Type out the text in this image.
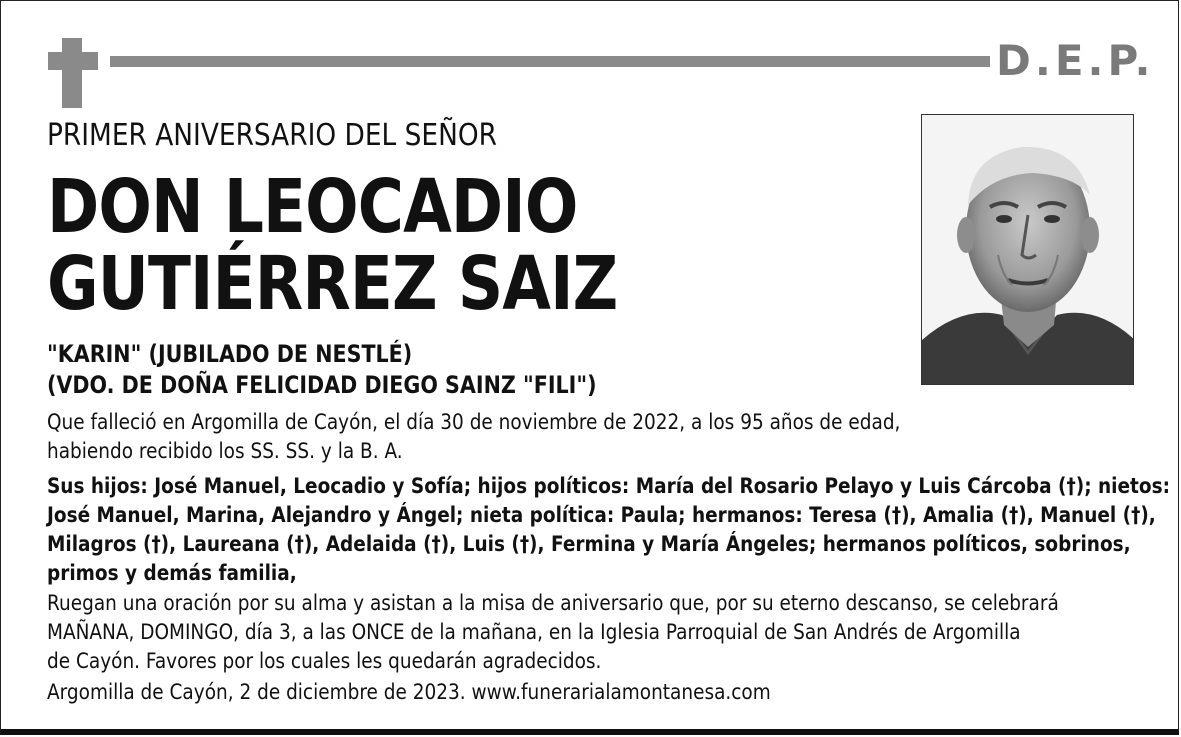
D.E.P.
PRIMER ANIVERSARIO DEL SEÑOR
DON LEOCADIO
GUTIÉRREZ SAIZ
"KARIN" (JUBILADO DE NESTLÉ)
(VDO. DE DOÑA FELICIDAD DIEGO SAINZ "FILI")
Que falleció en Argomilla de Cayón, el día 30 de noviembre de 2022, a los 95 años de edad,
habiendo recibido los SS. SS. y la B. A.
Sus hijos: José Manuel, Leocadio y Sofía; hijos políticos: María del Rosario Pelayo y Luis Cárcoba (†); nietos:
José Manuel, Marina, Alejandro y Ángel; nieta política: Paula; hermanos: Teresa (†), Amalia (†), Manuel (†),
Milagros (†), Laureana (†), Adelaida (†), Luis (†), Fermina y María Ángeles; hermanos políticos, sobrinos,
primos y demás familia,
Ruegan una oración por su alma y asistan a la misa de aniversario que, por su eterno descanso, se celebrará
MAÑANA, DOMINGO, día 3, a las ONCE de la mañana, en la Iglesia Parroquial de San Andrés de Argomilla
de Cayón. Favores por los cuales les quedarán agradecidos.
Argomilla de Cayón, 2 de diciembre de 2023. www.funerarialamontanesa.com
